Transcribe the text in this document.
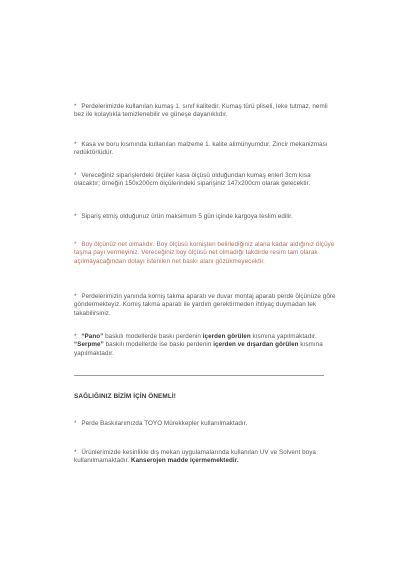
* Perdelerimizde kullanılan kumaş 1. sınıf kalitedir. Kumaş türü pliseli, leke tutmaz, nemli bez ile kolaylıkla temizlenebilir ve güneşe dayanıklıdır.
* Kasa ve boru kısmında kullanılan malzeme 1. kalite alimünyumdur. Zincir mekanizması redüktörlüdür.
* Vereceğiniz siparişlerdeki ölçüler kasa ölçüsü olduğundan kumaş enleri 3cm kısa olacaktır; örneğin 150x200cm ölçülerindeki siparişiniz 147x200cm olarak gelecektir.
* Sipariş etmiş olduğunuz ürün maksimum 5 gün içinde kargoya teslim edilir.
* Boy ölçünüz net olmalıdır. Boy ölçüsü kornişten belirlediğiniz alana kadar aldığınız ölçüye taşma payı vermeyiniz. Vereceğiniz boy ölçüsü net olmadığı takdirde resim tam olarak açılmayacağından dolayı istenilen net baskı alanı gözükmeyecektir.
* Perdelerimizin yanında korniş takma aparatı ve duvar montaj aparatı perde ölçünüze göre göndermekteyiz. Korniş takma aparatı ile yardım gerektirmeden ihtiyaç duymadan tek takabilirsiniz.
* “Pano” baskılı modellerde baskı perdenin içerden görülen kısmına yapılmaktadır. “Serpme” baskılı modellerde ise baskı perdenin içerden ve dışardan görülen kısmına yapılmaktadır.
SAĞLIĞINIZ BİZİM İÇİN ÖNEMLİ!
* Perde Baskılarımızda TOYO Mürekkepler kullanılmaktadır.
* Ürünlerimizde kesinlikle dış mekan uygulamalarında kullanılan UV ve Solvent boya kullanılmamaktadır. Kanserojen madde içermemektedir.
